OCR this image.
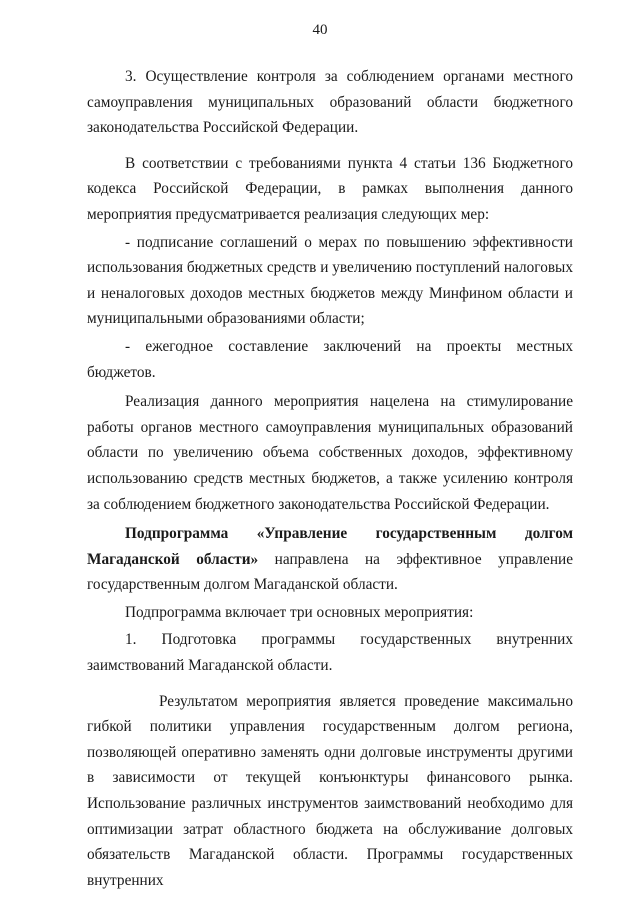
40

3. Осуществление контроля за соблюдением органами местного самоуправления муниципальных образований области бюджетного законодательства Российской Федерации.

В соответствии с требованиями пункта 4 статьи 136 Бюджетного кодекса Российской Федерации, в рамках выполнения данного мероприятия предусматривается реализация следующих мер:

- подписание соглашений о мерах по повышению эффективности использования бюджетных средств и увеличению поступлений налоговых и неналоговых доходов местных бюджетов между Минфином области и муниципальными образованиями области;

- ежегодное составление заключений на проекты местных бюджетов.

Реализация данного мероприятия нацелена на стимулирование работы органов местного самоуправления муниципальных образований области по увеличению объема собственных доходов, эффективному использованию средств местных бюджетов, а также усилению контроля за соблюдением бюджетного законодательства Российской Федерации.

Подпрограмма «Управление государственным долгом Магаданской области» направлена на эффективное управление государственным долгом Магаданской области.

Подпрограмма включает три основных мероприятия:

1. Подготовка программы государственных внутренних заимствований Магаданской области.

Результатом мероприятия является проведение максимально гибкой политики управления государственным долгом региона, позволяющей оперативно заменять одни долговые инструменты другими в зависимости от текущей конъюнктуры финансового рынка. Использование различных инструментов заимствований необходимо для оптимизации затрат областного бюджета на обслуживание долговых обязательств Магаданской области. Программы государственных внутренних
